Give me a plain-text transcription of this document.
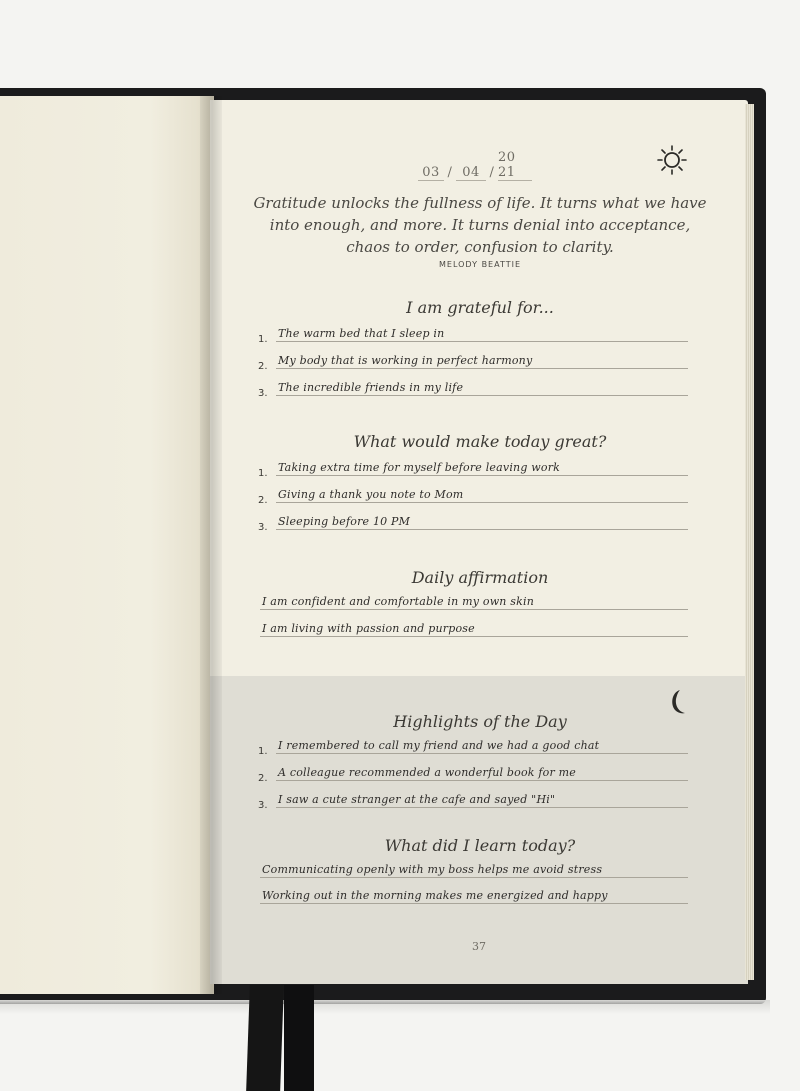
03 / 04 /2021
Gratitude unlocks the fullness of life. It turns what we have into enough, and more. It turns denial into acceptance, chaos to order, confusion to clarity.
MELODY BEATTIE
I am grateful for...
1. The warm bed that I sleep in
2. My body that is working in perfect harmony
3. The incredible friends in my life
What would make today great?
1. Taking extra time for myself before leaving work
2. Giving a thank you note to Mom
3. Sleeping before 10 PM
Daily affirmation
I am confident and comfortable in my own skin
I am living with passion and purpose
Highlights of the Day
1. I remembered to call my friend and we had a good chat
2. A colleague recommended a wonderful book for me
3. I saw a cute stranger at the cafe and sayed "Hi"
What did I learn today?
Communicating openly with my boss helps me avoid stress
Working out in the morning makes me energized and happy
37
